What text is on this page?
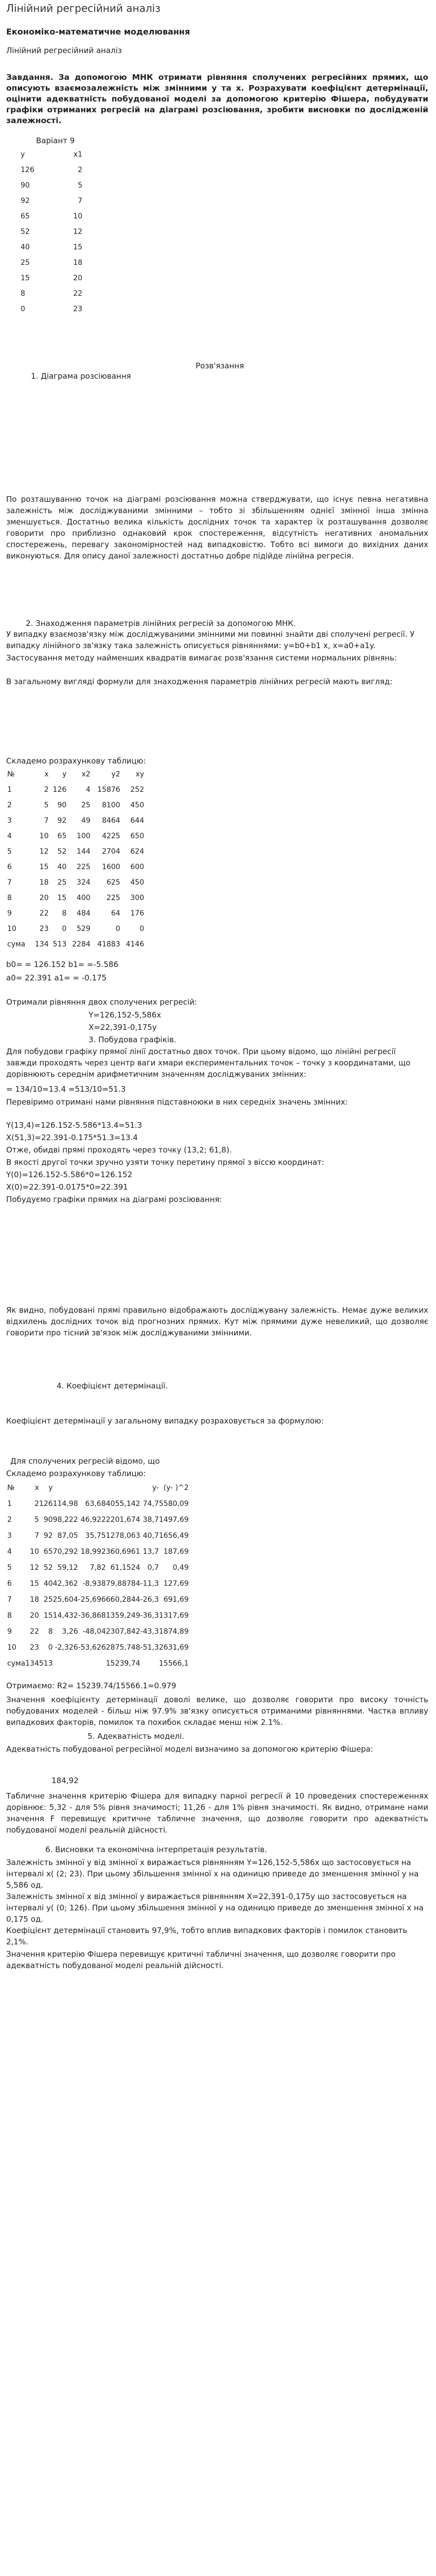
Лінійний регресійний аналіз
Економіко-математичне моделювання
Лінійний регресійний аналіз
Завдання. За допомогою МНК отримати рівняння сполучених регресійних прямих, що описують взаємозалежність між змінними y та x. Розрахувати коефіцієнт детермінації, оцінити адекватність побудованої моделі за допомогою критерію Фішера, побудувати графіки отриманих регресій на діаграмі розсіювання, зробити висновки по дослідженій залежності.
Варіант 9
y	x1
126	2
90	5
92	7
65	10
52	12
40	15
25	18
15	20
8	22
0	23
Розв'язання
1. Діаграма розсіювання
По розташуванню точок на діаграмі розсіювання можна стверджувати, що існує певна негативна залежність між досліджуваними змінними – тобто зі збільшенням однієї змінної інша змінна зменшується. Достатньо велика кількість дослідних точок та характер їх розташування дозволяє говорити про приблизно однаковий крок спостереження, відсутність негативних аномальних спостережень, перевагу закономірностей над випадковістю. Тобто всі вимоги до вихідних даних виконуються. Для опису даної залежності достатньо добре підійде лінійна регресія.
2. Знаходження параметрів лінійних регресій за допомогою МНК.
У випадку взаємозв'язку між досліджуваними змінними ми повинні знайти дві сполучені регресії. У випадку лінійного зв'язку така залежність описується рівняннями: y=b0+b1 x, x=a0+a1y.
Застосування методу найменших квадратів вимагає розв'язання системи нормальних рівнянь:
В загальному вигляді формули для знаходження параметрів лінійних регресій мають вигляд:
Складемо розрахункову таблицю:
№	x	y	x2	y2	xy
1	2	126	4	15876	252
2	5	90	25	8100	450
3	7	92	49	8464	644
4	10	65	100	4225	650
5	12	52	144	2704	624
6	15	40	225	1600	600
7	18	25	324	625	450
8	20	15	400	225	300
9	22	8	484	64	176
10	23	0	529	0	0
сума	134	513	2284	41883	4146
b0= = 126.152 b1= =-5.586
a0= 22.391 a1= = -0.175
Отримали рівняння двох сполучених регресій:
Y=126,152-5,586x
X=22,391-0,175y
3. Побудова графіків.
Для побудови графіку прямої лінії достатньо двох точок. При цьому відомо, що лінійні регресії завжди проходять через центр ваги хмари експериментальних точок – точку з координатами, що дорівнюють середнім арифметичним значенням досліджуваних змінних:
= 134/10=13.4 =513/10=51.3
Перевіримо отримані нами рівняння підставноюки в них середніх значень змінних:
Y(13,4)=126.152-5.586*13.4=51.3
X(51,3)=22.391-0.175*51.3=13.4
Отже, обидві прямі проходять через точку (13,2; 61,8).
В якості другої точки зручно узяти точку перетину прямої з віссю координат:
Y(0)=126.152-5.586*0=126.152
X(0)=22.391-0.0175*0=22.391
Побудуємо графіки прямих на діаграмі розсіювання:
Як видно, побудовані прямі правильно відображають досліджувану залежність. Немає дуже великих відхилень дослідних точок від прогнозних прямих. Кут між прямими дуже невеликий, що дозволяє говорити про тісний зв'язок між досліджуваними змінними.
4. Коефіцієнт детермінації.
Коефіцієнт детермінації у загальному випадку розраховується за формулою:
Для сполучених регресій відомо, що
Складемо розрахункову таблицю:
№	x	y				y-	(y- )^2
1	2	126	114,98	63,68	4055,142	74,7	5580,09
2	5	90	98,222	46,922	2201,674	38,7	1497,69
3	7	92	87,05	35,75	1278,063	40,7	1656,49
4	10	65	70,292	18,992	360,6961	13,7	187,69
5	12	52	59,12	7,82	61,1524	0,7	0,49
6	15	40	42,362	-8,938	79,88784	-11,3	127,69
7	18	25	25,604	-25,696	660,2844	-26,3	691,69
8	20	15	14,432	-36,868	1359,249	-36,3	1317,69
9	22	8	3,26	-48,04	2307,842	-43,3	1874,89
10	23	0	-2,326	-53,626	2875,748	-51,3	2631,69
сума	134	513			15239,74		15566,1
Отримаємо: R2= 15239.74/15566.1=0.979
Значення коефіцієнту детермінації доволі велике, що дозволяє говорити про високу точність побудованих моделей - більш ніж 97.9% зв'язку описується отриманими рівняннями. Частка впливу випадкових факторів, помилок та похибок складає менш ніж 2.1%.
5. Адекватність моделі.
Адекватність побудованої регресійної моделі визначимо за допомогою критерію Фішера:
184,92
Табличне значення критерію Фішера для випадку парної регресії й 10 проведених спостереженнях дорівнює: 5,32 - для 5% рівня значимості; 11,26 - для 1% рівня значимості. Як видно, отримане нами значення F перевищує критичне табличне значення, що дозволяє говорити про адекватність побудованої моделі реальній дійсності.
6. Висновки та економічна інтерпретація результатів.
Залежність змінної y від змінної x виражається рівнянням Y=126,152-5,586x що застосовується на інтервалі x( (2; 23). При цьому збільшення змінної x на одиницю приведе до зменшення змінної y на 5,586 од.
Залежність змінної x від змінної y виражається рівнянням X=22,391-0,175y що застосовується на інтервалі y( (0; 126). При цьому збільшення змінної y на одиницю приведе до зменшення змінної x на 0,175 од.
Коефіцієнт детермінації становить 97,9%, тобто вплив випадкових факторів і помилок становить 2,1%.
Значення критерію Фішера перевищує критичні табличні значення, що дозволяє говорити про адекватність побудованої моделі реальній дійсності.
